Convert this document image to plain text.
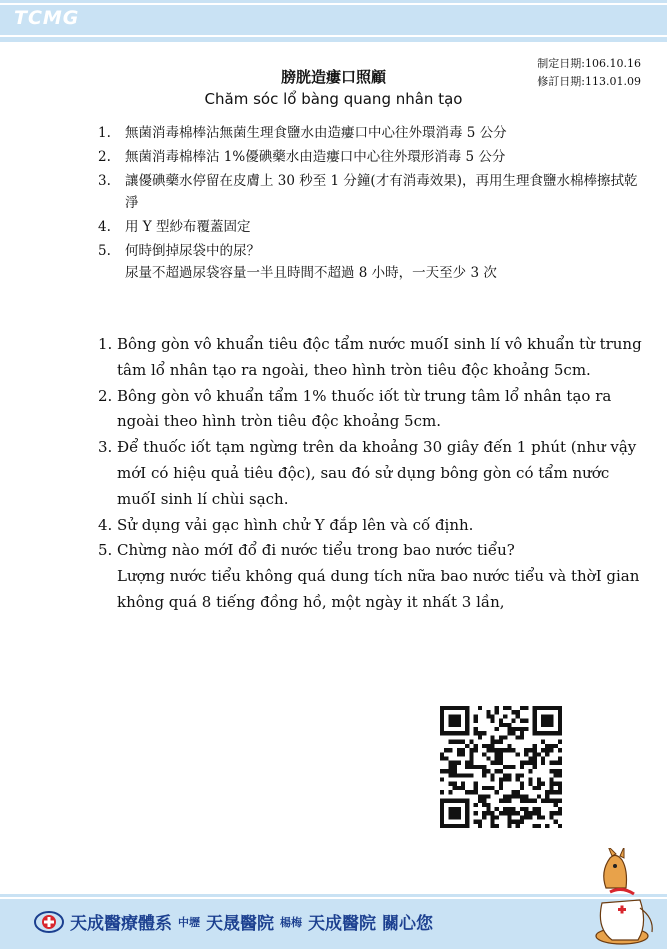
TCMG
制定日期:106.10.16
修訂日期:113.01.09
膀胱造瘻口照顧
Chăm sóc lổ bàng quang nhân tạo
1. 無菌消毒棉棒沾無菌生理食鹽水由造瘻口中心往外環消毒 5 公分
2. 無菌消毒棉棒沾 1%優碘藥水由造瘻口中心往外環形消毒 5 公分
3. 讓優碘藥水停留在皮膚上 30 秒至 1 分鐘(才有消毒效果)，再用生理食鹽水棉棒擦拭乾淨
4. 用 Y 型紗布覆蓋固定
5. 何時倒掉尿袋中的尿？
尿量不超過尿袋容量一半且時間不超過 8 小時，一天至少 3 次
1. Bông gòn vô khuẩn tiêu độc tẩm nước muốI sinh lí vô khuẩn từ trung tâm lổ nhân tạo ra ngoài, theo hình tròn tiêu độc khoảng 5cm.
2. Bông gòn vô khuẩn tẩm 1% thuốc iốt từ trung tâm lổ nhân tạo ra ngoài theo hình tròn tiêu độc khoảng 5cm.
3. Để thuốc iốt tạm ngừng trên da khoảng 30 giây đến 1 phút (như vậy mớI có hiệu quả tiêu độc), sau đó sử dụng bông gòn có tẩm nước muốI sinh lí chùi sạch.
4. Sử dụng vải gạc hình chử Y đắp lên và cố định.
5. Chừng nào mớI đổ đi nước tiểu trong bao nước tiểu?
Lượng nước tiểu không quá dung tích nữa bao nước tiểu và thờI gian không quá 8 tiếng đồng hồ, một ngày it nhất 3 lần,
天成醫療體系 中壢 天晟醫院 楊梅 天成醫院 關心您
